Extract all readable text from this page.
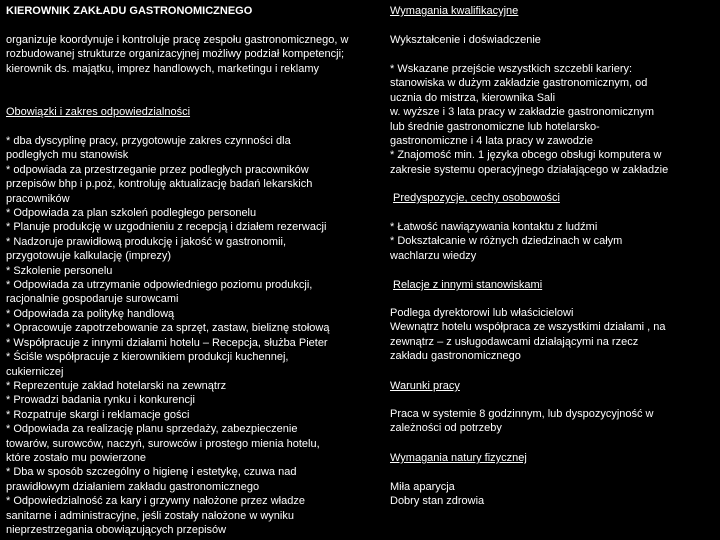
KIEROWNIK ZAKŁADU GASTRONOMICZNEGO

organizuje koordynuje i kontroluje pracę zespołu gastronomicznego, w rozbudowanej strukturze organizacyjnej możliwy podział kompetencji; kierownik ds. majątku, imprez handlowych, marketingu i reklamy

Obowiązki i zakres odpowiedzialności

* dba dyscyplinę pracy, przygotowuje zakres czynności dla
podległych mu stanowisk
* odpowiada za przestrzeganie przez podległych pracowników
przepisów bhp i p.poż, kontroluję aktualizację badań lekarskich
pracowników
* Odpowiada za plan szkoleń podległego personelu
* Planuje produkcję w uzgodnieniu z recepcją i działem rezerwacji
* Nadzoruje prawidłową produkcję i jakość w gastronomii,
przygotowuje kalkulację (imprezy)
* Szkolenie personelu
* Odpowiada za utrzymanie odpowiedniego poziomu produkcji,
racjonalnie gospodaruje surowcami
* Odpowiada za politykę handlową
* Opracowuje zapotrzebowanie za sprzęt, zastaw, bieliznę stołową
* Współpracuje z innymi działami hotelu – Recepcja, służba Pieter
* Ściśle współpracuje z kierownikiem produkcji kuchennej,
cukierniczej
* Reprezentuje zakład hotelarski na zewnątrz
* Prowadzi badania rynku i konkurencji
* Rozpatruje skargi i reklamacje gości
* Odpowiada za realizację planu sprzedaży, zabezpieczenie
towarów, surowców, naczyń, surowców i prostego mienia hotelu,
które zostało mu powierzone
* Dba w sposób szczególny o higienę i estetykę, czuwa nad
prawidłowym działaniem zakładu gastronomicznego
* Odpowiedzialność za kary i grzywny nałożone przez władze
sanitarne i administracyjne, jeśli zostały nałożone w wyniku
nieprzestrzegania obowiązujących przepisów

Wymagania kwalifikacyjne

Wykształcenie i doświadczenie

* Wskazane przejście wszystkich szczebli kariery:
stanowiska w dużym zakładzie gastronomicznym, od
ucznia do mistrza, kierownika Sali
w. wyższe i 3 lata pracy w zakładzie gastronomicznym
lub średnie gastronomiczne lub hotelarsko-
gastronomiczne i 4 lata pracy w zawodzie
* Znajomość min. 1 języka obcego obsługi komputera w
zakresie systemu operacyjnego działającego w zakładzie

Predyspozycje, cechy osobowości

* Łatwość nawiązywania kontaktu z ludźmi
* Dokształcanie w różnych dziedzinach w całym
wachlarzu wiedzy

Relacje z innymi stanowiskami

Podlega dyrektorowi lub właścicielowi
Wewnątrz hotelu współpraca ze wszystkimi działami , na
zewnątrz – z usługodawcami działającymi na rzecz
zakładu gastronomicznego

Warunki pracy

Praca w systemie 8 godzinnym, lub dyspozycyjność w
zależności od potrzeby

Wymagania natury fizycznej

Miła aparycja
Dobry stan zdrowia
